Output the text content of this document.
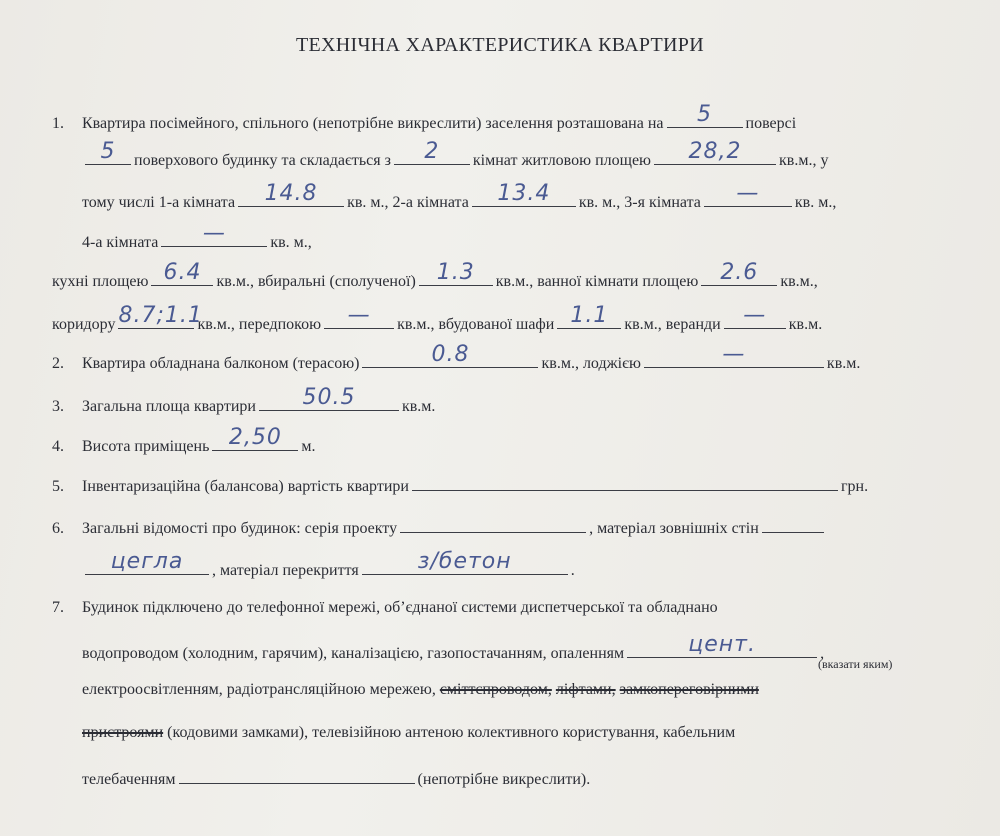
ТЕХНІЧНА ХАРАКТЕРИСТИКА КВАРТИРИ
1.	Квартира посімейного, спільного (непотрібне викреслити) заселення розташована на	5	поверсі
5	поверхового будинку та складається з	2	кімнат житловою площею	28,2	кв.м., у
тому числі 1-а кімната	14.8	кв. м., 2-а кімната	13.4	кв. м., 3-я кімната	—	кв. м.,
4-а кімната	—	кв. м.,
кухні площею 6.4 кв.м., вбиральні (сполученої) 1.3	кв.м., ванної кімнати площею	2.6	кв.м.,
коридору 8.7;1.1
кв.м., передпокою	—	кв.м., вбудованої шафи 1.1	кв.м., веранди	—	кв.м.
2.	Квартира обладнана балконом (терасою)	0.8	кв.м., лоджією	—	кв.м.
3.	Загальна площа квартири	50.5	кв.м.
4.	Висота приміщень 2,50	м.
5.	Інвентаризаційна (балансова) вартість квартири	грн.
6.	Загальні відомості про будинок: серія проекту	, матеріал зовнішніх стін
цегла	, матеріал перекриття	з/бетон	.
7.	Будинок підключено до телефонної мережі, об’єднаної системи диспетчерської та обладнано
водопроводом (холодним, гарячим), каналізацією, газопостачанням, опаленням	цент.	,
(вказати яким)
електроосвітленням, радіотрансляційною мережею,
сміттєпроводом,
ліфтами,
замкопереговірними
пристроями
(кодовими замками), телевізійною антеною колективного користування, кабельним
телебаченням	(непотрібне викреслити).
